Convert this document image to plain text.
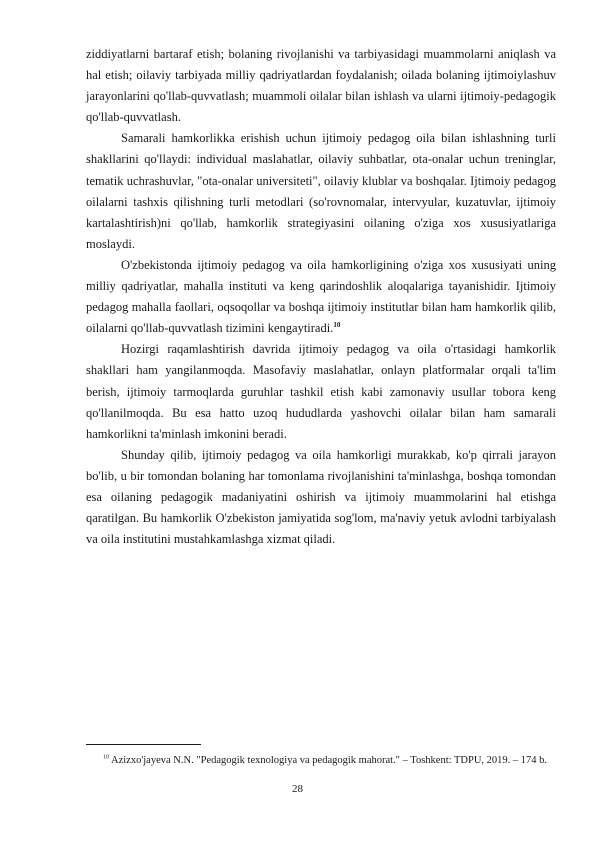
ziddiyatlarni bartaraf etish; bolaning rivojlanishi va tarbiyasidagi muammolarni aniqlash va hal etish; oilaviy tarbiyada milliy qadriyatlardan foydalanish; oilada bolaning ijtimoiylashuv jarayonlarini qo'llab-quvvatlash; muammoli oilalar bilan ishlash va ularni ijtimoiy-pedagogik qo'llab-quvvatlash.

Samarali hamkorlikka erishish uchun ijtimoiy pedagog oila bilan ishlashning turli shakllarini qo'llaydi: individual maslahatlar, oilaviy suhbatlar, ota-onalar uchun treninglar, tematik uchrashuvlar, "ota-onalar universiteti", oilaviy klublar va boshqalar. Ijtimoiy pedagog oilalarni tashxis qilishning turli metodlari (so'rovnomalar, intervyular, kuzatuvlar, ijtimoiy kartalashtirish)ni qo'llab, hamkorlik strategiyasini oilaning o'ziga xos xususiyatlariga moslaydi.

O'zbekistonda ijtimoiy pedagog va oila hamkorligining o'ziga xos xususiyati uning milliy qadriyatlar, mahalla instituti va keng qarindoshlik aloqalariga tayanishidir. Ijtimoiy pedagog mahalla faollari, oqsoqollar va boshqa ijtimoiy institutlar bilan ham hamkorlik qilib, oilalarni qo'llab-quvvatlash tizimini kengaytiradi.$^{10}$

Hozirgi raqamlashtirish davrida ijtimoiy pedagog va oila o'rtasidagi hamkorlik shakllari ham yangilanmoqda. Masofaviy maslahatlar, onlayn platformalar orqali ta'lim berish, ijtimoiy tarmoqlarda guruhlar tashkil etish kabi zamonaviy usullar tobora keng qo'llanilmoqda. Bu esa hatto uzoq hududlarda yashovchi oilalar bilan ham samarali hamkorlikni ta'minlash imkonini beradi.

Shunday qilib, ijtimoiy pedagog va oila hamkorligi murakkab, ko'p qirrali jarayon bo'lib, u bir tomondan bolaning har tomonlama rivojlanishini ta'minlashga, boshqa tomondan esa oilaning pedagogik madaniyatini oshirish va ijtimoiy muammolarini hal etishga qaratilgan. Bu hamkorlik O'zbekiston jamiyatida sog'lom, ma'naviy yetuk avlodni tarbiyalash va oila institutini mustahkamlashga xizmat qiladi.

$^{10}$ Azizxo'jayeva N.N. "Pedagogik texnologiya va pedagogik mahorat." – Toshkent: TDPU, 2019. – 174 b.

28
